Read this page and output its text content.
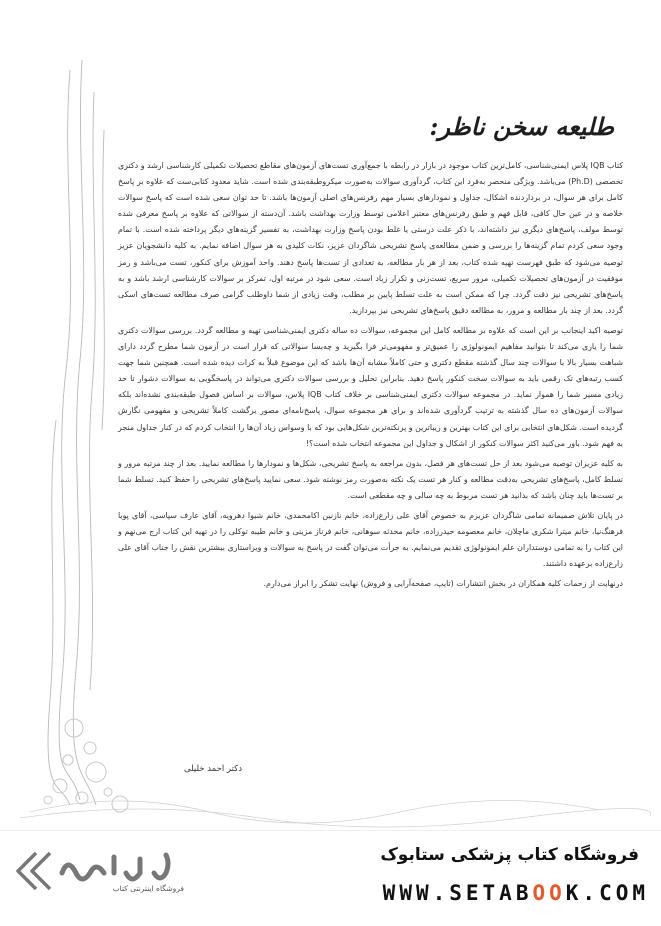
طلیعه سخن ناظر:

کتاب IQB پلاس ایمنی‌شناسی، کامل‌ترین کتاب موجود در بازار در رابطه با جمع‌آوری تست‌های آزمون‌های مقاطع تحصیلات تکمیلی کارشناسی ارشد و دکتری تخصصی (Ph.D) می‌باشد. ویژگی منحصر به‌فرد این کتاب، گردآوری سوالات به‌صورت میکروطبقه‌بندی شده است. شاید معدود کتابی‌ست که علاوه بر پاسخ کامل برای هر سوال، در برداردنده اشکال، جداول و نمودارهای بسیار مهم رفرنس‌های اصلی آزمون‌ها باشد. تا حد توان سعی شده است که پاسخ سوالات خلاصه و در عین حال کافی، قابل فهم و طبق رفرنس‌های معتبر اعلامی توسط وزارت بهداشت باشد. آن‌دسته از سوالاتی که علاوه بر پاسخ معرفی شده توسط مولف، پاسخ‌های دیگری نیز داشته‌اند، با ذکر علت درستی یا غلط بودن پاسخ وزارت بهداشت، به تفسیر گزینه‌های دیگر پرداخته شده است. با تمام وجود سعی کردم تمام گزینه‌ها را بررسی و ضمن مطالعه‌ی پاسخ تشریحی شاگردان عزیز، نکات کلیدی به هر سوال اضافه نمایم. به کلیه دانشجویان عزیز توصیه می‌شود که طبق فهرست تهیه شده کتاب، بعد از هر بار مطالعه، به تعدادی از تست‌ها پاسخ دهند. واحد آموزش برای کنکور، تست می‌باشد و رمز موفقیت در آزمون‌های تحصیلات تکمیلی، مرور سریع، تست‌زنی و تکرار زیاد است. سعی شود در مرتبه اول، تمرکز بر سوالات کارشناسی ارشد باشد و به پاسخ‌های تشریحی نیز دقت گردد. چرا که ممکن است به علت تسلط پایین بر مطلب، وقت زیادی از شما داوطلب گرامی صرف مطالعه تست‌های اسکی گردد. بعد از چند بار مطالعه و مرور، به مطالعه دقیق پاسخ‌های تشریحی نیز بپردازید.

توصیه اکید اینجانب بر این است که علاوه بر مطالعه کامل این مجموعه، سوالات ده ساله دکتری ایمنی‌شناسی تهیه و مطالعه گردد. بررسی سوالات دکتری شما را یاری می‌کند تا بتوانید مفاهیم ایمونولوژی را عمیق‌تر و مفهومی‌تر فرا بگیرید و چه‌بسا سوالاتی که قرار است در آزمون شما مطرح گردد دارای شباهت بسیار بالا با سوالات چند سال گذشته مقطع دکتری و حتی کاملاً مشابه آن‌ها باشد که این موضوع قبلاً به کرات دیده شده است. همچنین شما جهت کسب رتبه‌های تک رقمی باید به سوالات سخت کنکور پاسخ دهید. بنابراین تحلیل و بررسی سوالات دکتری می‌تواند در پاسخگویی به سوالات دشوار تا حد زیادی مسیر شما را هموار نماید. در مجموعه سوالات دکتری ایمنی‌شناسی بر خلاف کتاب IQB پلاس، سوالات بر اساس فصول طبقه‌بندی نشده‌اند بلکه سوالات آزمون‌های ده سال گذشته به ترتیب گردآوری شده‌اند و برای هر مجموعه سوال، پاسخ‌نامه‌ای مصور برگشت کاملاً تشریحی و مفهومی نگارش گردیده است. شکل‌های انتخابی برای این کتاب بهترین و زیباترین و پرنکته‌ترین شکل‌هایی بود که با وسواس زیاد آن‌ها را انتخاب کردم که در کنار جداول منجر به فهم شود. باور می‌کنید اکثر سوالات کنکور از اشکال و جداول این مجموعه انتخاب شده است؟!

به کلیه عزیزان توصیه می‌شود بعد از حل تست‌های هر فصل، بدون مراجعه به پاسخ تشریحی، شکل‌ها و نمودارها را مطالعه نمایید. بعد از چند مرتبه مرور و تسلط کامل، پاسخ‌های تشریحی به‌دقت مطالعه و کنار هر تست یک نکته به‌صورت رمز نوشته شود. سعی نمایید پاسخ‌های تشریحی را حفظ کنید. تسلط شما بر تست‌ها باید چنان باشد که بدانید هر تست مربوط به چه سالی و چه مقطعی است.

در پایان تلاش صمیمانه تمامی شاگردان عزیزم به خصوص آقای علی زارع‌زاده، خانم نازنین اکامحمدی، خانم شیوا دهرویه، آقای عارف سپاسی، آقای پویا فرهنگ‌نیا، خانم میترا شکری ماچلان، خانم معصومه حیدرزاده، خانم محدثه سوهانی، خانم فرناز مزینی و خانم طیبه توکلی را در تهیه این کتاب ارج می‌نهم و این کتاب را به تمامی دوستداران علم ایمونولوژی تقدیم می‌نمایم. به جرأت می‌توان گفت در پاسخ به سوالات و ویراستاری بیشترین نقش را جناب آقای علی زارع‌زاده برعهده داشتند.

درنهایت از زحمات کلیه همکاران در بخش انتشارات (تایپ، صفحه‌آرایی و فروش) نهایت تشکر را ابراز می‌دارم.

دکتر احمد خلیلی
فروشگاه اینترنتی کتاب
فروشگاه کتاب پزشکی ستابوک
WWW.SETABOOK.COM
